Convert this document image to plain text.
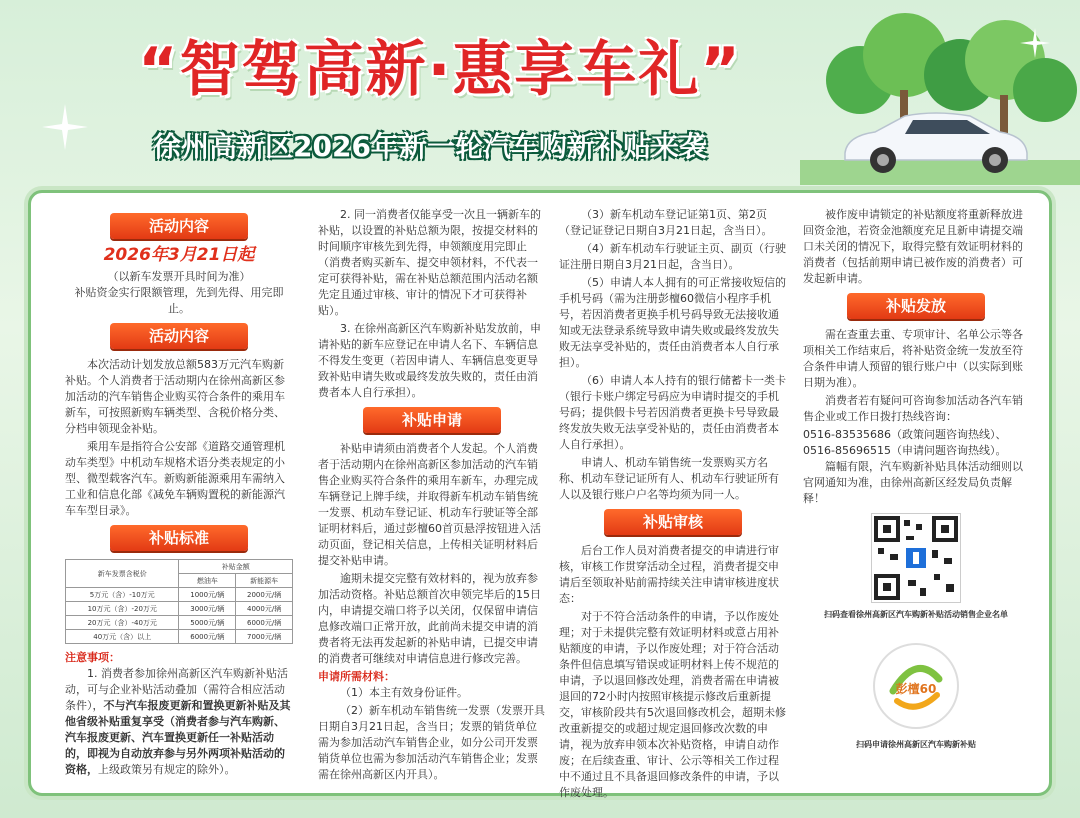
“智驾高新·惠享车礼”
徐州高新区2026年新一轮汽车购新补贴来袭
活动内容
2026年3月21日起
（以新车发票开具时间为准）
补贴资金实行限额管理，先到先得、用完即止。
活动内容

本次活动计划发放总额583万元汽车购新补贴。个人消费者于活动期内在徐州高新区参加活动的汽车销售企业购买符合条件的乘用车新车，可按照新购车辆类型、含税价格分类、分档申领现金补贴。

乘用车是指符合公安部《道路交通管理机动车类型》中机动车规格术语分类表规定的小型、微型载客汽车。新购新能源乘用车需纳入工业和信息化部《减免车辆购置税的新能源汽车车型目录》。

补贴标准
新车发票含税价	补贴金额	
	燃油车	新能源车
5万元（含）-10万元	1000元/辆	2000元/辆
10万元（含）-20万元	3000元/辆	4000元/辆
20万元（含）-40万元	5000元/辆	6000元/辆
40万元（含）以上	6000元/辆	7000元/辆
注意事项：

1. 消费者参加徐州高新区汽车购新补贴活动，可与企业补贴活动叠加（需符合相应活动条件），不与汽车报废更新和置换更新补贴及其他省级补贴重复享受（消费者参与汽车购新、汽车报废更新、汽车置换更新任一补贴活动的，即视为自动放弃参与另外两项补贴活动的资格，上级政策另有规定的除外）。

2. 同一消费者仅能享受一次且一辆新车的补贴，以设置的补贴总额为限，按提交材料的时间顺序审核先到先得，申领额度用完即止（消费者购买新车、提交申领材料，不代表一定可获得补贴，需在补贴总额范围内活动名额先定且通过审核、审计的情况下才可获得补贴）。

3. 在徐州高新区汽车购新补贴发放前，申请补贴的新车应登记在申请人名下、车辆信息不得发生变更（若因申请人、车辆信息变更导致补贴申请失败或最终发放失败的，责任由消费者本人自行承担）。

补贴申请

补贴申请须由消费者个人发起。个人消费者于活动期内在徐州高新区参加活动的汽车销售企业购买符合条件的乘用车新车，办理完成车辆登记上牌手续，并取得新车机动车销售统一发票、机动车登记证、机动车行驶证等全部证明材料后，通过彭檀60首页悬浮按钮进入活动页面，登记相关信息，上传相关证明材料后提交补贴申请。

逾期未提交完整有效材料的，视为放弃参加活动资格。补贴总额首次申领完毕后的15日内，申请提交端口将予以关闭，仅保留申请信息修改端口正常开放，此前尚未提交申请的消费者将无法再发起新的补贴申请，已提交申请的消费者可继续对申请信息进行修改完善。

申请所需材料：

（1）本主有效身份证件。

（2）新车机动车销售统一发票（发票开具日期自3月21日起，含当日；发票的销货单位需为参加活动汽车销售企业，如分公司开发票销货单位也需为参加活动汽车销售企业；发票需在徐州高新区内开具）。

（3）新车机动车登记证第1页、第2页（登记证登记日期自3月21日起，含当日）。

（4）新车机动车行驶证主页、副页（行驶证注册日期自3月21日起，含当日）。

（5）申请人本人拥有的可正常接收短信的手机号码（需为注册彭檀60微信小程序手机号，若因消费者更换手机号码导致无法接收通知或无法登录系统导致申请失败或最终发放失败无法享受补贴的，责任由消费者本人自行承担）。

（6）申请人本人持有的银行储蓄卡一类卡（银行卡账户绑定号码应为申请时提交的手机号码；提供假卡号若因消费者更换卡号导致最终发放失败无法享受补贴的，责任由消费者本人自行承担）。

申请人、机动车销售统一发票购买方名称、机动车登记证所有人、机动车行驶证所有人以及银行账户户名等均须为同一人。

补贴审核

后台工作人员对消费者提交的申请进行审核，审核工作贯穿活动全过程，消费者提交申请后至领取补贴前需持续关注申请审核进度状态：

对于不符合活动条件的申请，予以作废处理；对于未提供完整有效证明材料或意占用补贴额度的申请，予以作废处理；对于符合活动条件但信息填写错误或证明材料上传不规范的申请，予以退回修改处理，消费者需在申请被退回的72小时内按照审核提示修改后重新提交，审核阶段共有5次退回修改机会，超期未修改重新提交的或超过规定退回修改次数的申请，视为放弃申领本次补贴资格，申请自动作废；在后续查重、审计、公示等相关工作过程中不通过且不具备退回修改条件的申请，予以作废处理。

被作废申请锁定的补贴额度将重新释放进回资金池，若资金池额度充足且新申请提交端口未关闭的情况下，取得完整有效证明材料的消费者（包括前期申请已被作废的消费者）可发起新申请。

补贴发放

需在查重去重、专项审计、名单公示等各项相关工作结束后，将补贴资金统一发放至符合条件申请人预留的银行账户中（以实际到账日期为准）。

消费者若有疑问可咨询参加活动各汽车销售企业或工作日拨打热线咨询：

0516-83535686（政策问题咨询热线）、
0516-85696515（申请问题咨询热线）。

篇幅有限，汽车购新补贴具体活动细则以官网通知为准，由徐州高新区经发局负责解释！

扫码查看徐州高新区汽车购新补贴活动销售企业名单
彭檀60
扫码申请徐州高新区汽车购新补贴
